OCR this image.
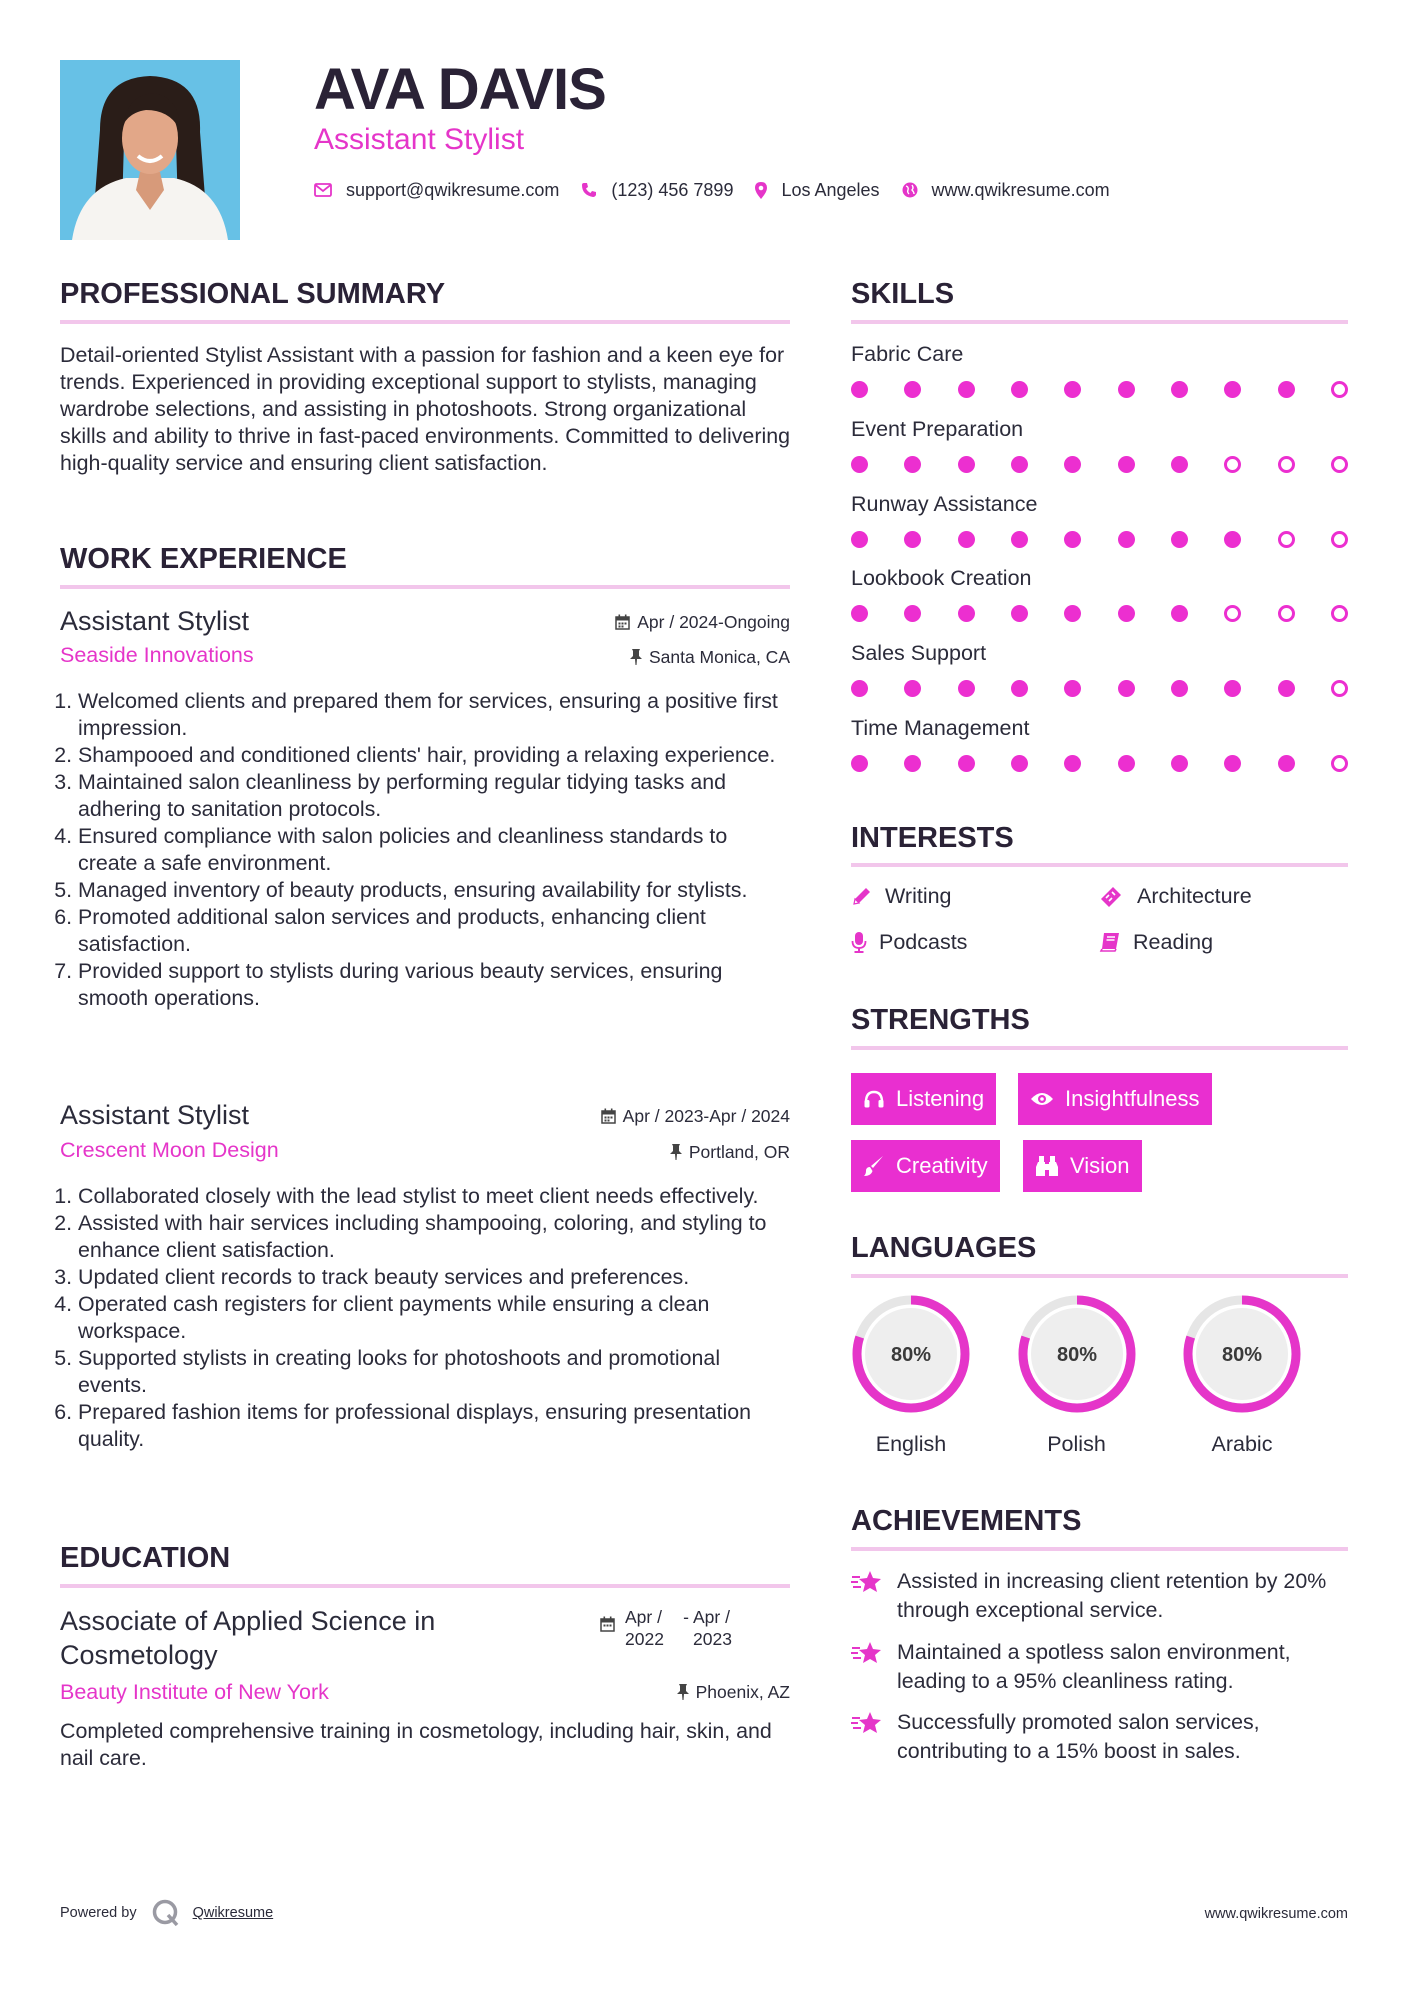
AVA DAVIS

Assistant Stylist

support@qwikresume.com	(123) 456 7899	Los Angeles	www.qwikresume.com
PROFESSIONAL SUMMARY

Detail-oriented Stylist Assistant with a passion for fashion and a keen eye for trends. Experienced in providing exceptional support to stylists, managing wardrobe selections, and assisting in photoshoots. Strong organizational skills and ability to thrive in fast-paced environments. Committed to delivering high-quality service and ensuring client satisfaction.

WORK EXPERIENCE

Assistant Stylist	Apr / 2024-Ongoing

Seaside Innovations	Santa Monica, CA
1. Welcomed clients and prepared them for services, ensuring a positive first impression.
2. Shampooed and conditioned clients' hair, providing a relaxing experience.
3. Maintained salon cleanliness by performing regular tidying tasks and adhering to sanitation protocols.
4. Ensured compliance with salon policies and cleanliness standards to create a safe environment.
5. Managed inventory of beauty products, ensuring availability for stylists.
6. Promoted additional salon services and products, enhancing client satisfaction.
7. Provided support to stylists during various beauty services, ensuring smooth operations.

Assistant Stylist	Apr / 2023-Apr / 2024

Crescent Moon Design	Portland, OR
1. Collaborated closely with the lead stylist to meet client needs effectively.
2. Assisted with hair services including shampooing, coloring, and styling to enhance client satisfaction.
3. Updated client records to track beauty services and preferences.
4. Operated cash registers for client payments while ensuring a clean workspace.
5. Supported stylists in creating looks for photoshoots and promotional events.
6. Prepared fashion items for professional displays, ensuring presentation quality.
EDUCATION

Associate of Applied Science in Cosmetology

Apr / 2022
- Apr / 2023

Beauty Institute of New York	Phoenix, AZ

Completed comprehensive training in cosmetology, including hair, skin, and nail care.

SKILLS

Fabric Care

Event Preparation

Runway Assistance

Lookbook Creation

Sales Support

Time Management

INTERESTS
Writing	Architecture
Podcasts	Reading
STRENGTHS
Listening	Insightfulness
Creativity	Vision
LANGUAGES
80%
English
80%
Polish
80%
Arabic
ACHIEVEMENTS
Assisted in increasing client retention by 20% through exceptional service.
Maintained a spotless salon environment, leading to a 95% cleanliness rating.
Successfully promoted salon services, contributing to a 15% boost in sales.
Powered by	Qwikresume	www.qwikresume.com
